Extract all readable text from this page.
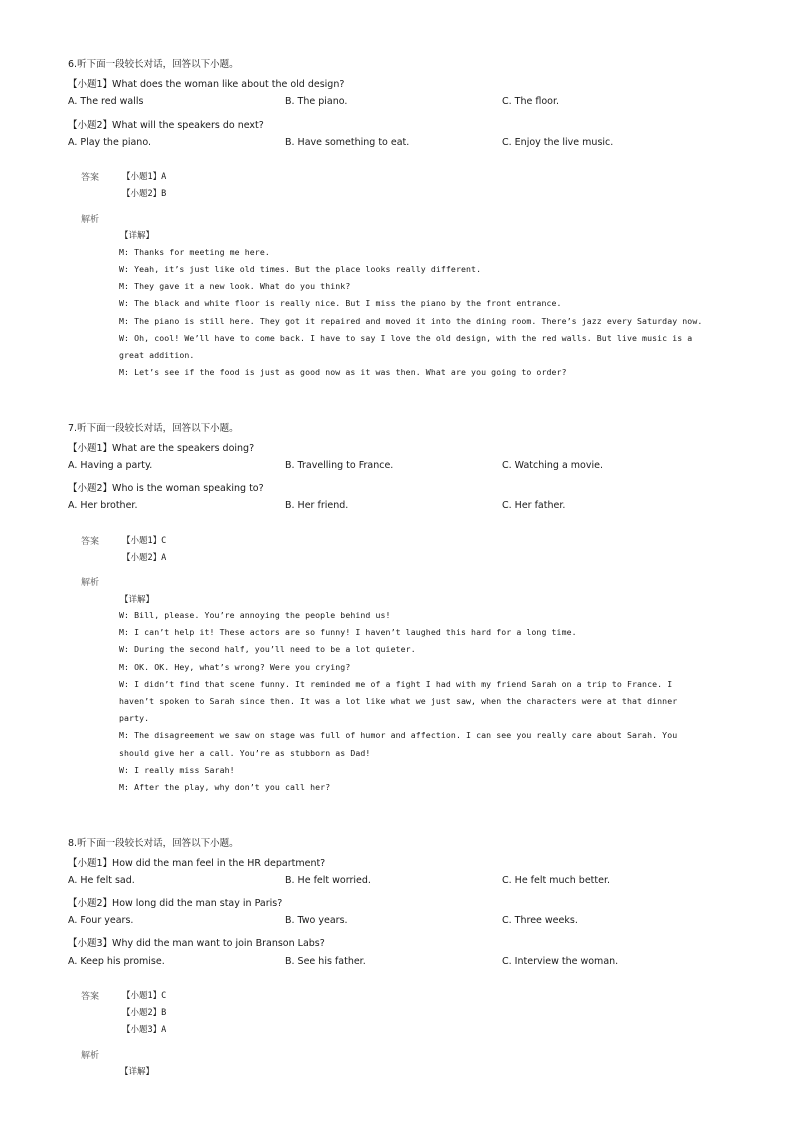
6.听下面一段较长对话，回答以下小题。
【小题1】What does the woman like about the old design?
A. The red walls	B. The piano.	C. The floor.
【小题2】What will the speakers do next?
A. Play the piano.	B. Have something to eat.	C. Enjoy the live music.
答案	【小题1】A
【小题2】B
解析
【详解】
M: Thanks for meeting me here.
W: Yeah, it’s just like old times. But the place looks really different.
M: They gave it a new look. What do you think?
W: The black and white floor is really nice. But I miss the piano by the front entrance.
M: The piano is still here. They got it repaired and moved it into the dining room. There’s jazz every Saturday now.
W: Oh, cool! We’ll have to come back. I have to say I love the old design, with the red walls. But live music is a
great addition.
M: Let’s see if the food is just as good now as it was then. What are you going to order?
7.听下面一段较长对话，回答以下小题。
【小题1】What are the speakers doing?
A. Having a party.	B. Travelling to France.	C. Watching a movie.
【小题2】Who is the woman speaking to?
A. Her brother.	B. Her friend.	C. Her father.
答案	【小题1】C
【小题2】A
解析
【详解】
W: Bill, please. You’re annoying the people behind us!
M: I can’t help it! These actors are so funny! I haven’t laughed this hard for a long time.
W: During the second half, you’ll need to be a lot quieter.
M: OK. OK. Hey, what’s wrong? Were you crying?
W: I didn’t find that scene funny. It reminded me of a fight I had with my friend Sarah on a trip to France. I
haven’t spoken to Sarah since then. It was a lot like what we just saw, when the characters were at that dinner
party.
M: The disagreement we saw on stage was full of humor and affection. I can see you really care about Sarah. You
should give her a call. You’re as stubborn as Dad!
W: I really miss Sarah!
M: After the play, why don’t you call her?
8.听下面一段较长对话，回答以下小题。
【小题1】How did the man feel in the HR department?
A. He felt sad.	B. He felt worried.	C. He felt much better.
【小题2】How long did the man stay in Paris?
A. Four years.	B. Two years.	C. Three weeks.
【小题3】Why did the man want to join Branson Labs?
A. Keep his promise.	B. See his father.	C. Interview the woman.
答案	【小题1】C
【小题2】B
【小题3】A
解析
【详解】
